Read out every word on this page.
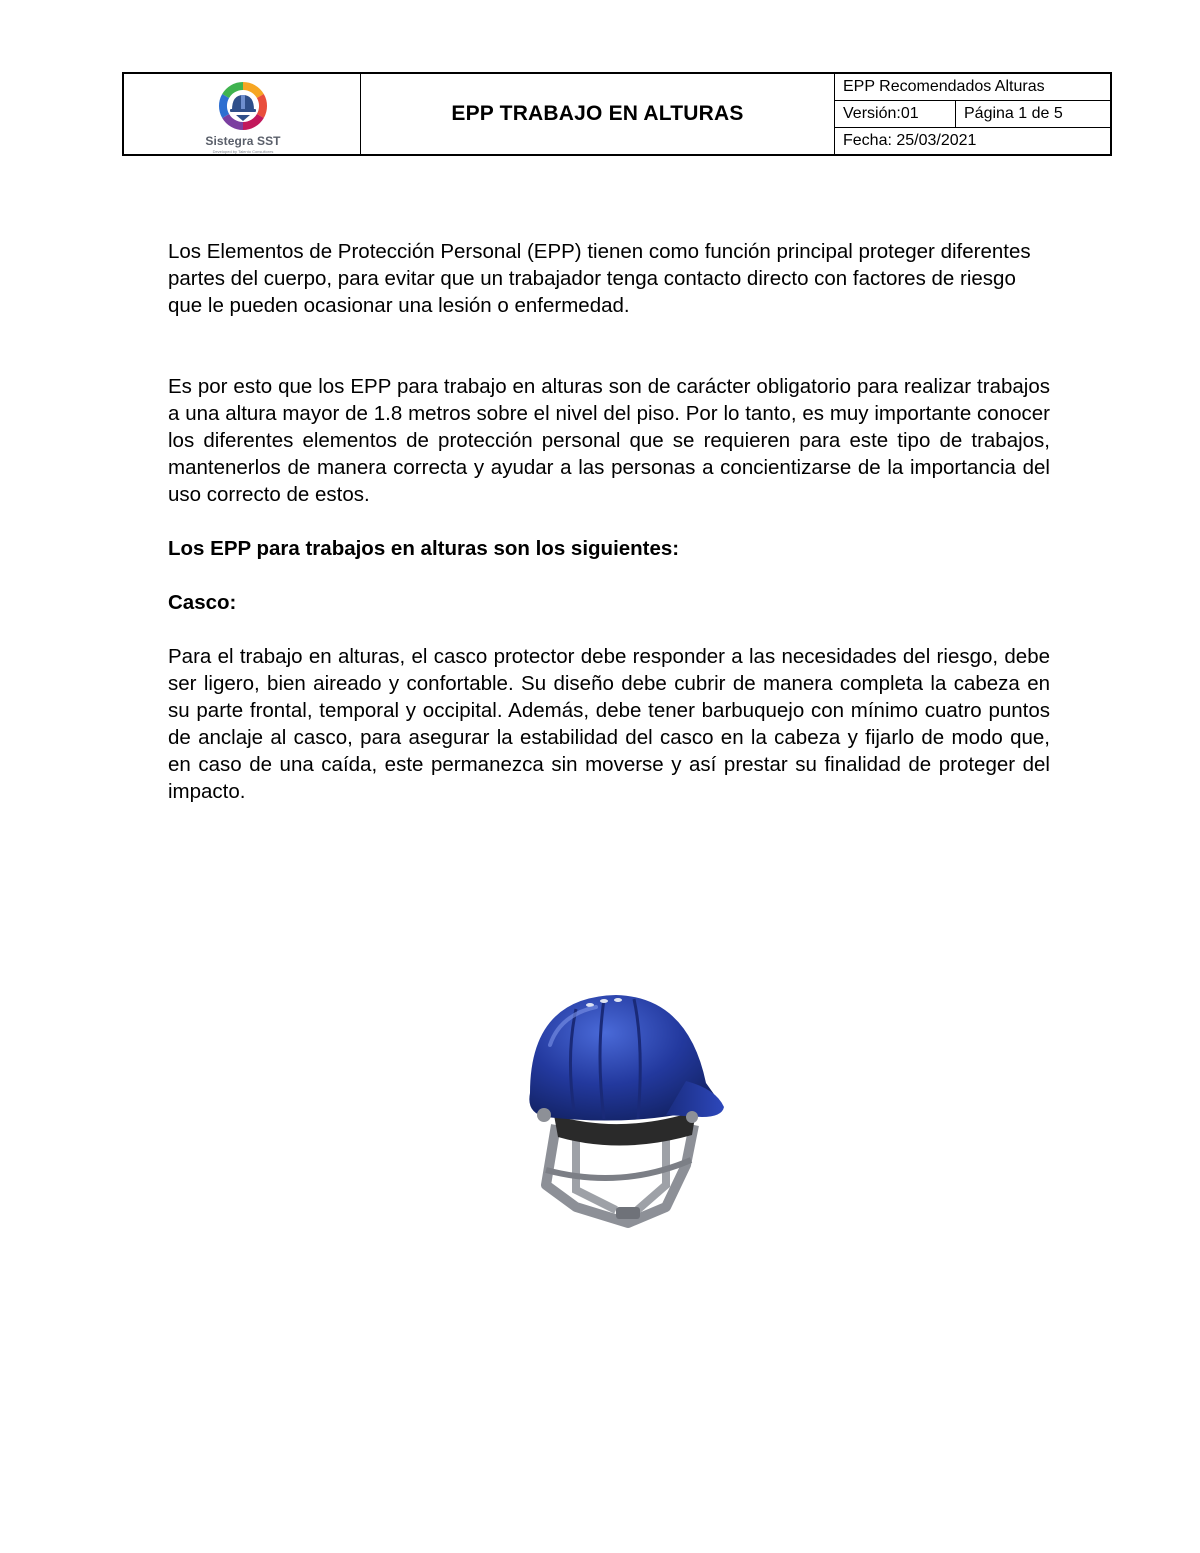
Sistegra SST
Developed by Talento Consultores
EPP TRABAJO EN ALTURAS
EPP Recomendados Alturas
Versión:01	Página 1 de 5
Fecha: 25/03/2021

Los Elementos de Protección Personal (EPP) tienen como función principal proteger diferentes partes del cuerpo, para evitar que un trabajador tenga contacto directo con factores de riesgo que le pueden ocasionar una lesión o enfermedad.

Es por esto que los EPP para trabajo en alturas son de carácter obligatorio para realizar trabajos a una altura mayor de 1.8 metros sobre el nivel del piso. Por lo tanto, es muy importante conocer los diferentes elementos de protección personal que se requieren para este tipo de trabajos, mantenerlos de manera correcta y ayudar a las personas a concientizarse de la importancia del uso correcto de estos.

Los EPP para trabajos en alturas son los siguientes:

Casco:

Para el trabajo en alturas, el casco protector debe responder a las necesidades del riesgo, debe ser ligero, bien aireado y confortable. Su diseño debe cubrir de manera completa la cabeza en su parte frontal, temporal y occipital. Además, debe tener barbuquejo con mínimo cuatro puntos de anclaje al casco, para asegurar la estabilidad del casco en la cabeza y fijarlo de modo que, en caso de una caída, este permanezca sin moverse y así prestar su finalidad de proteger del impacto.
